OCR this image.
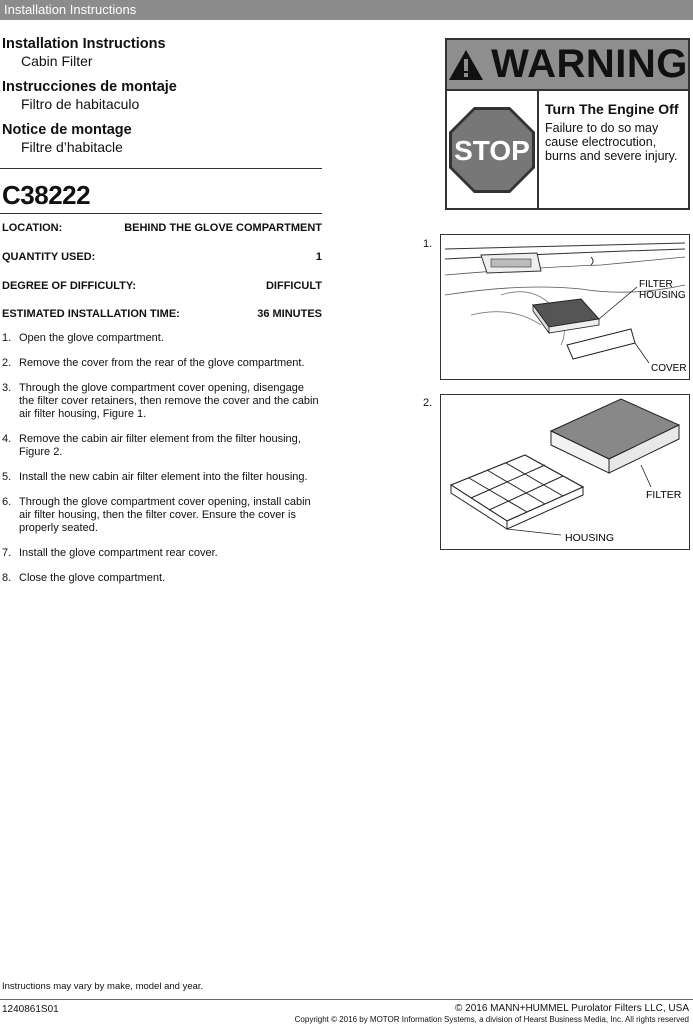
Installation Instructions
Installation Instructions
Cabin Filter
Instrucciones de montaje
Filtro de habitaculo
Notice de montage
Filtre d’habitacle
C38222
LOCATION:	BEHIND THE GLOVE COMPARTMENT
QUANTITY USED:	1
DEGREE OF DIFFICULTY:	DIFFICULT
ESTIMATED INSTALLATION TIME:	36 MINUTES
1. Open the glove compartment.
2. Remove the cover from the rear of the glove compartment.
3. Through the glove compartment cover opening, disengage the filter cover retainers, then remove the cover and the cabin air filter housing, Figure 1.
4. Remove the cabin air filter element from the filter housing, Figure 2.
5. Install the new cabin air filter element into the filter housing.
6. Through the glove compartment cover opening, install cabin air filter housing, then the filter cover. Ensure the cover is properly seated.
7. Install the glove compartment rear cover.
8. Close the glove compartment.
WARNING
STOP
Turn The Engine Off
Failure to do so may cause electrocution, burns and severe injury.
1.
FILTER
HOUSING
COVER
2.
FILTER
HOUSING
Instructions may vary by make, model and year.
1240861S01	© 2016 MANN+HUMMEL Purolator Filters LLC, USA
Copyright © 2016 by MOTOR Information Systems, a division of Hearst Business Media, Inc. All rights reserved
